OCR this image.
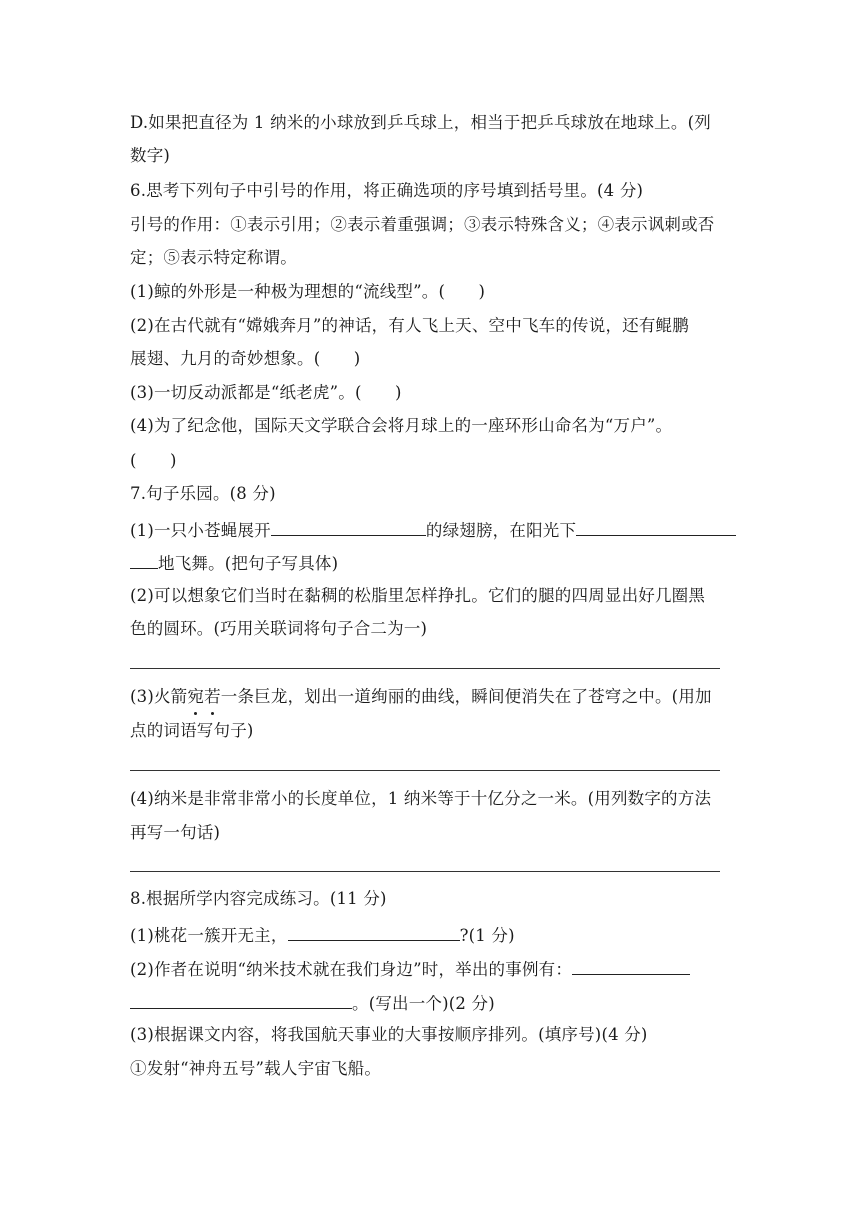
D.如果把直径为 1 纳米的小球放到乒乓球上，相当于把乒乓球放在地球上。(列
数字)
6.思考下列句子中引号的作用，将正确选项的序号填到括号里。(4 分)
引号的作用：①表示引用；②表示着重强调；③表示特殊含义；④表示讽刺或否
定；⑤表示特定称谓。
(1)鲸的外形是一种极为理想的“流线型”。(　　)
(2)在古代就有“嫦娥奔月”的神话，有人飞上天、空中飞车的传说，还有鲲鹏
展翅、九月的奇妙想象。(　　)
(3)一切反动派都是“纸老虎”。(　　)
(4)为了纪念他，国际天文学联合会将月球上的一座环形山命名为“万户”。
(　　)
7.句子乐园。(8 分)
(1)一只小苍蝇展开	的绿翅膀，在阳光下
地飞舞。(把句子写具体)
(2)可以想象它们当时在黏稠的松脂里怎样挣扎。它们的腿的四周显出好几圈黑
色的圆环。(巧用关联词将句子合二为一)
(3)火箭宛若一条巨龙，划出一道绚丽的曲线，瞬间便消失在了苍穹之中。(用加
点的词语写句子)
(4)纳米是非常非常小的长度单位，1 纳米等于十亿分之一米。(用列数字的方法
再写一句话)
8.根据所学内容完成练习。(11 分)
(1)桃花一簇开无主，	?(1 分)
(2)作者在说明“纳米技术就在我们身边”时，举出的事例有：
。(写出一个)(2 分)
(3)根据课文内容，将我国航天事业的大事按顺序排列。(填序号)(4 分)
①发射“神舟五号”载人宇宙飞船。
